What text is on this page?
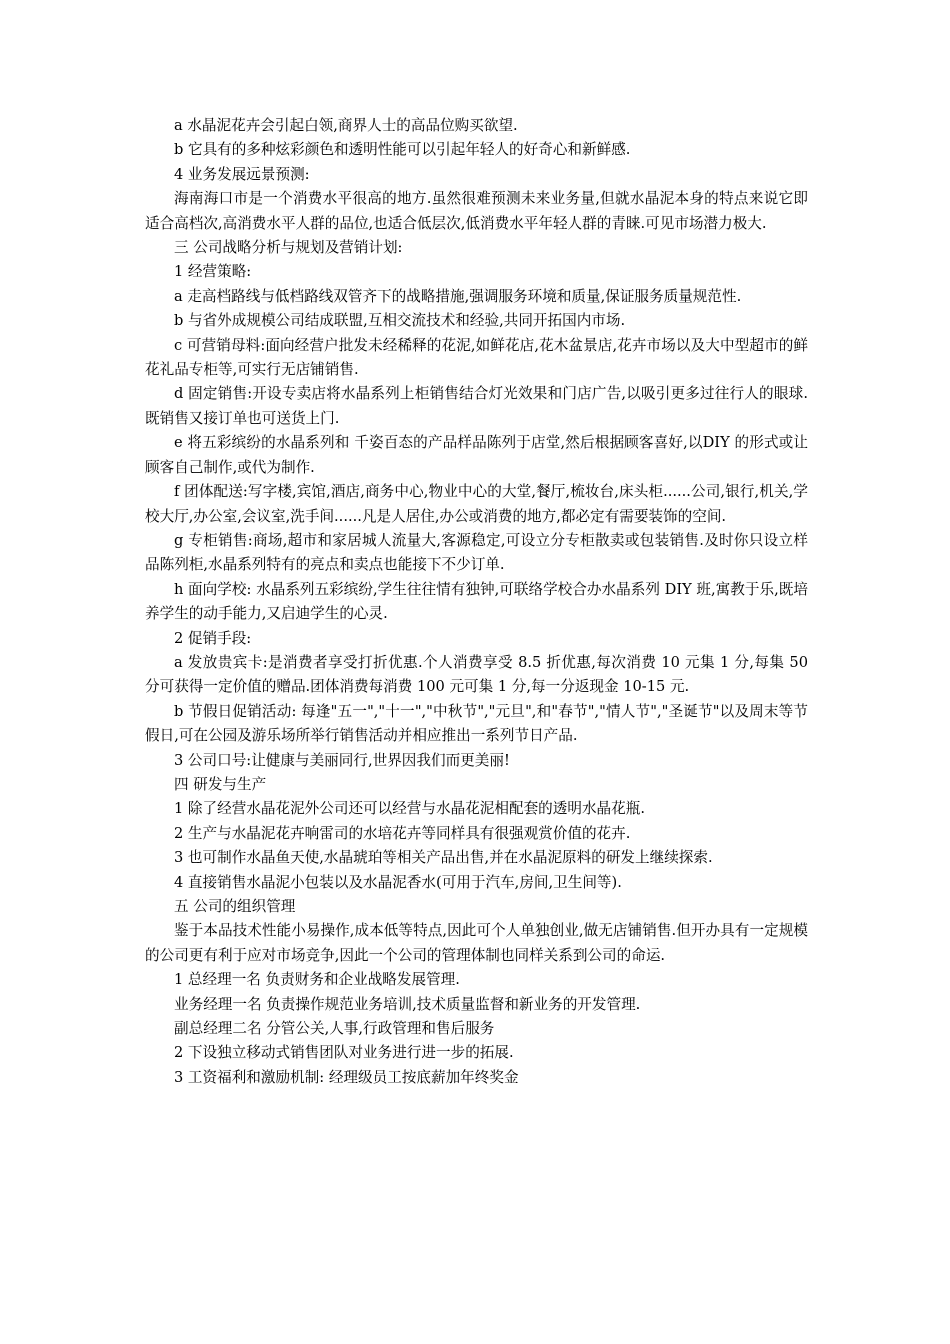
a 水晶泥花卉会引起白领,商界人士的高品位购买欲望.

b 它具有的多种炫彩颜色和透明性能可以引起年轻人的好奇心和新鲜感.

4 业务发展远景预测:

海南海口市是一个消费水平很高的地方.虽然很难预测未来业务量,但就水晶泥本身的特点来说它即适合高档次,高消费水平人群的品位,也适合低层次,低消费水平年轻人群的青睐.可见市场潜力极大.

三 公司战略分析与规划及营销计划:

1 经营策略:

a 走高档路线与低档路线双管齐下的战略措施,强调服务环境和质量,保证服务质量规范性.

b 与省外成规模公司结成联盟,互相交流技术和经验,共同开拓国内市场.

c 可营销母料:面向经营户批发未经稀释的花泥,如鲜花店,花木盆景店,花卉市场以及大中型超市的鲜花礼品专柜等,可实行无店铺销售.

d 固定销售:开设专卖店将水晶系列上柜销售结合灯光效果和门店广告,以吸引更多过往行人的眼球.既销售又接订单也可送货上门.

e 将五彩缤纷的水晶系列和 千姿百态的产品样品陈列于店堂,然后根据顾客喜好,以DIY 的形式或让顾客自己制作,或代为制作.

f 团体配送:写字楼,宾馆,酒店,商务中心,物业中心的大堂,餐厅,梳妆台,床头柜......公司,银行,机关,学校大厅,办公室,会议室,洗手间......凡是人居住,办公或消费的地方,都必定有需要装饰的空间.

g 专柜销售:商场,超市和家居城人流量大,客源稳定,可设立分专柜散卖或包装销售.及时你只设立样品陈列柜,水晶系列特有的亮点和卖点也能接下不少订单.

h 面向学校: 水晶系列五彩缤纷,学生往往情有独钟,可联络学校合办水晶系列 DIY 班,寓教于乐,既培养学生的动手能力,又启迪学生的心灵.

2 促销手段:

a 发放贵宾卡:是消费者享受打折优惠.个人消费享受 8.5 折优惠,每次消费 10 元集 1 分,每集 50 分可获得一定价值的赠品.团体消费每消费 100 元可集 1 分,每一分返现金 10-15 元.

b 节假日促销活动: 每逢"五一","十一","中秋节","元旦",和"春节","情人节","圣诞节"以及周末等节假日,可在公园及游乐场所举行销售活动并相应推出一系列节日产品.

3 公司口号:让健康与美丽同行,世界因我们而更美丽!

四 研发与生产

1 除了经营水晶花泥外公司还可以经营与水晶花泥相配套的透明水晶花瓶.

2 生产与水晶泥花卉响雷司的水培花卉等同样具有很强观赏价值的花卉.

3 也可制作水晶鱼天使,水晶琥珀等相关产品出售,并在水晶泥原料的研发上继续探索.

4 直接销售水晶泥小包装以及水晶泥香水(可用于汽车,房间,卫生间等).

五 公司的组织管理

鉴于本品技术性能小易操作,成本低等特点,因此可个人单独创业,做无店铺销售.但开办具有一定规模的公司更有利于应对市场竞争,因此一个公司的管理体制也同样关系到公司的命运.

1 总经理一名 负责财务和企业战略发展管理.

业务经理一名 负责操作规范业务培训,技术质量监督和新业务的开发管理.

副总经理二名 分管公关,人事,行政管理和售后服务

2 下设独立移动式销售团队对业务进行进一步的拓展.

3 工资福利和激励机制: 经理级员工按底薪加年终奖金
